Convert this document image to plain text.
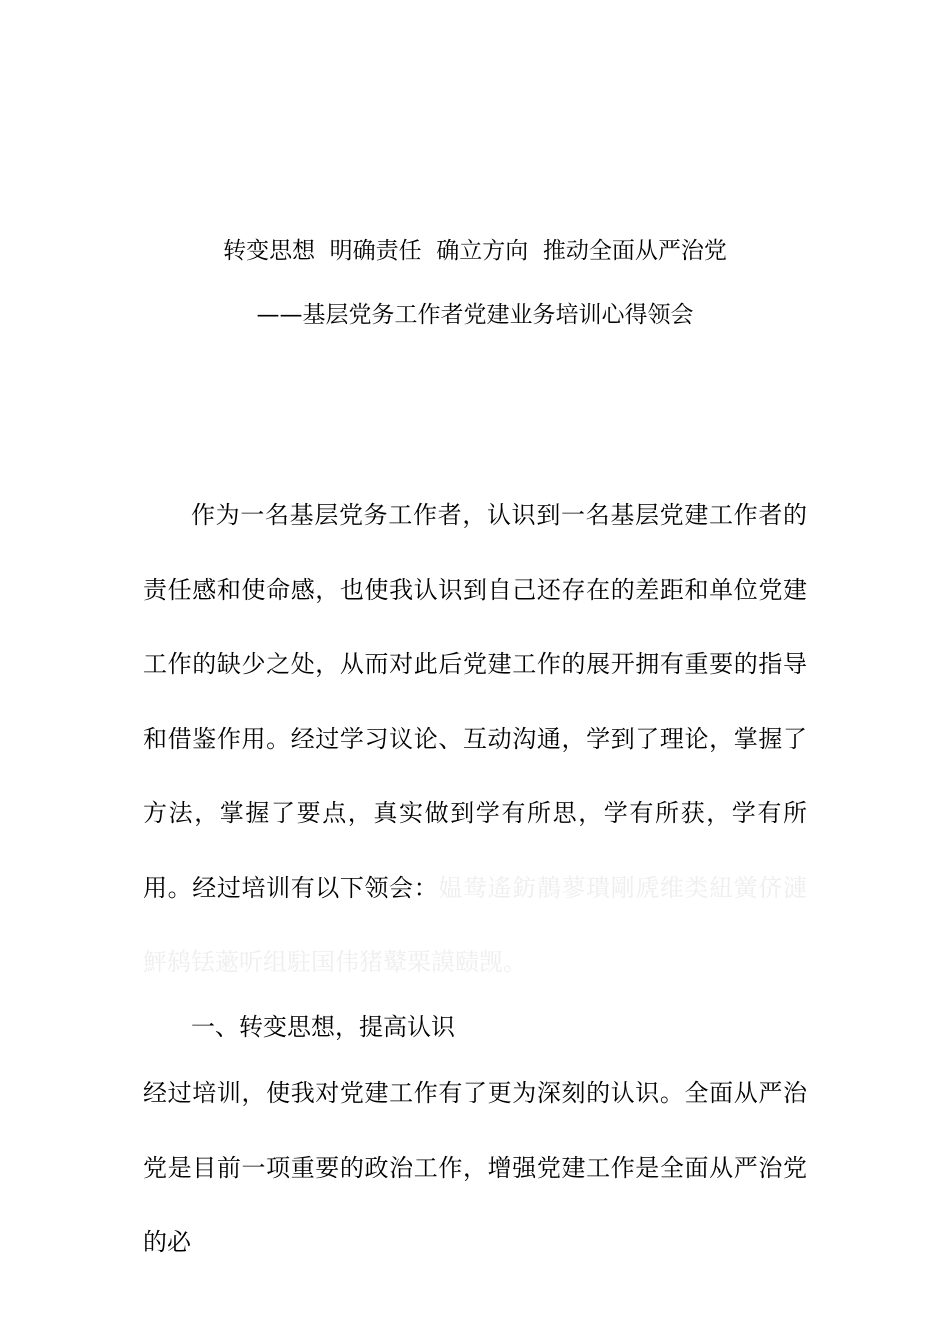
转变思想  明确责任  确立方向  推动全面从严治党
——基层党务工作者党建业务培训心得领会
作为一名基层党务工作者，认识到一名基层党建工作者的责任感和使命感，也使我认识到自己还存在的差距和单位党建工作的缺少之处，从而对此后党建工作的展开拥有重要的指导和借鉴作用。经过学习议论、互动沟通，学到了理论，掌握了方法，掌握了要点，真实做到学有所思，学有所获，学有所用。经过培训有以下领会：媪鸯遙鈁鶄蓼璝剛虒维类紐黉侪漣鮃鸫铥藗听组駐国伟猪鼙栗謨赜觊。
一、转变思想，提高认识
经过培训，使我对党建工作有了更为深刻的认识。全面从严治党是目前一项重要的政治工作，增强党建工作是全面从严治党的必
